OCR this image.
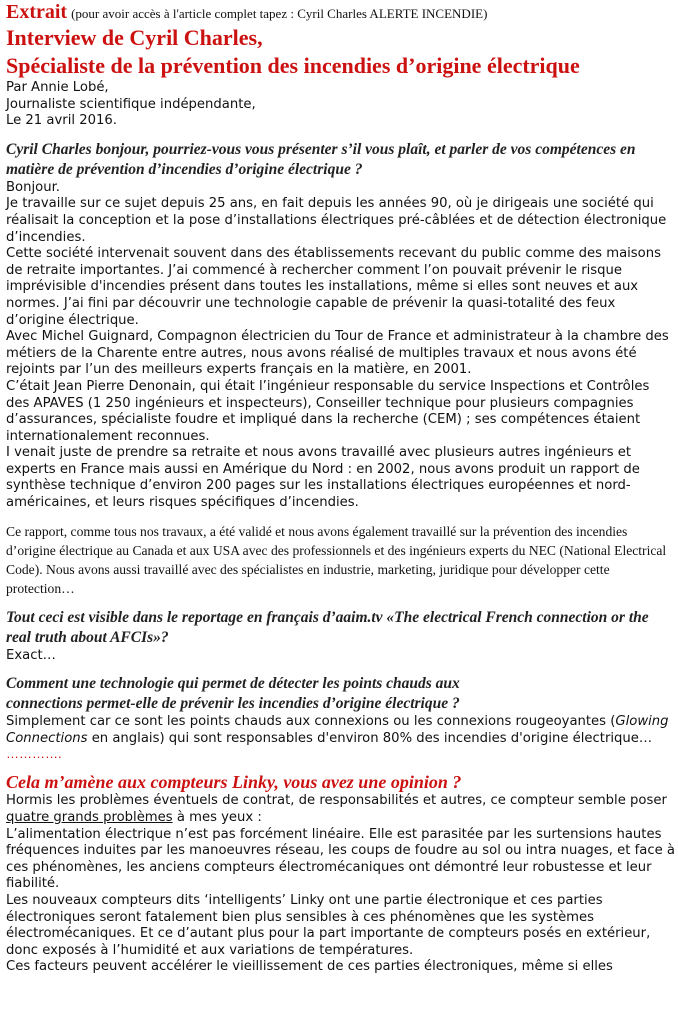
Extrait (pour avoir accès à l'article complet tapez : Cyril Charles ALERTE INCENDIE)
Interview de Cyril Charles,
Spécialiste de la prévention des incendies d’origine électrique
Par Annie Lobé,
Journaliste scientifique indépendante,
Le 21 avril 2016.
Cyril Charles bonjour, pourriez-vous vous présenter s’il vous plaît, et parler de vos compétences en matière de prévention d’incendies d’origine électrique ?
Bonjour.
Je travaille sur ce sujet depuis 25 ans, en fait depuis les années 90, où je dirigeais une société qui réalisait la conception et la pose d’installations électriques pré-câblées et de détection électronique d’incendies.
Cette société intervenait souvent dans des établissements recevant du public comme des maisons de retraite importantes. J’ai commencé à rechercher comment l’on pouvait prévenir le risque imprévisible d'incendies présent dans toutes les installations, même si elles sont neuves et aux normes. J’ai fini par découvrir une technologie capable de prévenir la quasi-totalité des feux d’origine électrique.
Avec Michel Guignard, Compagnon électricien du Tour de France et administrateur à la chambre des métiers de la Charente entre autres, nous avons réalisé de multiples travaux et nous avons été rejoints par l’un des meilleurs experts français en la matière, en 2001.
C’était Jean Pierre Denonain, qui était l’ingénieur responsable du service Inspections et Contrôles des APAVES (1 250 ingénieurs et inspecteurs), Conseiller technique pour plusieurs compagnies d’assurances, spécialiste foudre et impliqué dans la recherche (CEM) ; ses compétences étaient internationalement reconnues.
I venait juste de prendre sa retraite et nous avons travaillé avec plusieurs autres ingénieurs et experts en France mais aussi en Amérique du Nord : en 2002, nous avons produit un rapport de synthèse technique d’environ 200 pages sur les installations électriques européennes et nord-américaines, et leurs risques spécifiques d’incendies.
Ce rapport, comme tous nos travaux, a été validé et nous avons également travaillé sur la prévention des incendies d’origine électrique au Canada et aux USA avec des professionnels et des ingénieurs experts du NEC (National Electrical Code). Nous avons aussi travaillé avec des spécialistes en industrie, marketing, juridique pour développer cette protection…
Tout ceci est visible dans le reportage en français d’aaim.tv «The electrical French connection or the real truth about AFCIs»?
Exact…
Comment une technologie qui permet de détecter les points chauds aux
connections permet-elle de prévenir les incendies d’origine électrique ?
Simplement car ce sont les points chauds aux connexions ou les connexions rougeoyantes (Glowing Connections en anglais) qui sont responsables d'environ 80% des incendies d'origine électrique…
………….
Cela m’amène aux compteurs Linky, vous avez une opinion ?
Hormis les problèmes éventuels de contrat, de responsabilités et autres, ce compteur semble poser quatre grands problèmes à mes yeux :
L’alimentation électrique n’est pas forcément linéaire. Elle est parasitée par les surtensions hautes fréquences induites par les manoeuvres réseau, les coups de foudre au sol ou intra nuages, et face à ces phénomènes, les anciens compteurs électromécaniques ont démontré leur robustesse et leur fiabilité.
Les nouveaux compteurs dits ‘intelligents’ Linky ont une partie électronique et ces parties électroniques seront fatalement bien plus sensibles à ces phénomènes que les systèmes électromécaniques. Et ce d’autant plus pour la part importante de compteurs posés en extérieur, donc exposés à l’humidité et aux variations de températures.
Ces facteurs peuvent accélérer le vieillissement de ces parties électroniques, même si elles
